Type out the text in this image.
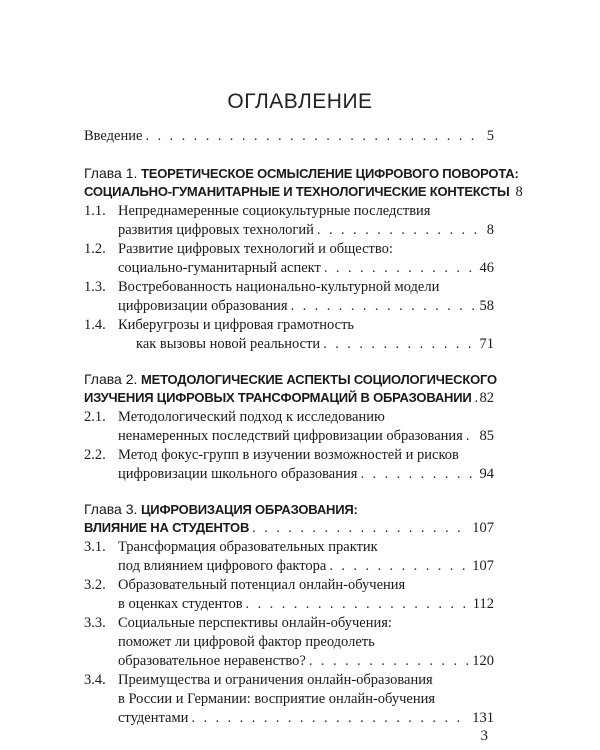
ОГЛАВЛЕНИЕ
Введение . . .	5
Глава 1. ТЕОРЕТИЧЕСКОЕ ОСМЫСЛЕНИЕ ЦИФРОВОГО ПОВОРОТА:
СОЦИАЛЬНО-ГУМАНИТАРНЫЕ И ТЕХНОЛОГИЧЕСКИЕ КОНТЕКСТЫ 8
1.1. Непреднамеренные социокультурные последствия
развития цифровых технологий . . .	8
1.2. Развитие цифровых технологий и общество:
социально-гуманитарный аспект . . .	46
1.3. Востребованность национально-культурной модели
цифровизации образования . . .	58
1.4. Киберугрозы и цифровая грамотность
как вызовы новой реальности . . .	71
Глава 2. МЕТОДОЛОГИЧЕСКИЕ АСПЕКТЫ СОЦИОЛОГИЧЕСКОГО
ИЗУЧЕНИЯ ЦИФРОВЫХ ТРАНСФОРМАЦИЙ В ОБРАЗОВАНИИ . . . 82
2.1. Методологический подход к исследованию
ненамеренных последствий цифровизации образования . . . 85
2.2. Метод фокус-групп в изучении возможностей и рисков
цифровизации школьного образования . . .	94
Глава 3. ЦИФРОВИЗАЦИЯ ОБРАЗОВАНИЯ:
ВЛИЯНИЕ НА СТУДЕНТОВ . . .	107
3.1. Трансформация образовательных практик
под влиянием цифрового фактора . . .	107
3.2. Образовательный потенциал онлайн-обучения
в оценках студентов . . .	112
3.3. Социальные перспективы онлайн-обучения:
поможет ли цифровой фактор преодолеть
образовательное неравенство? . . .	120
3.4. Преимущества и ограничения онлайн-образования
в России и Германии: восприятие онлайн-обучения
студентами . . .	131
3
